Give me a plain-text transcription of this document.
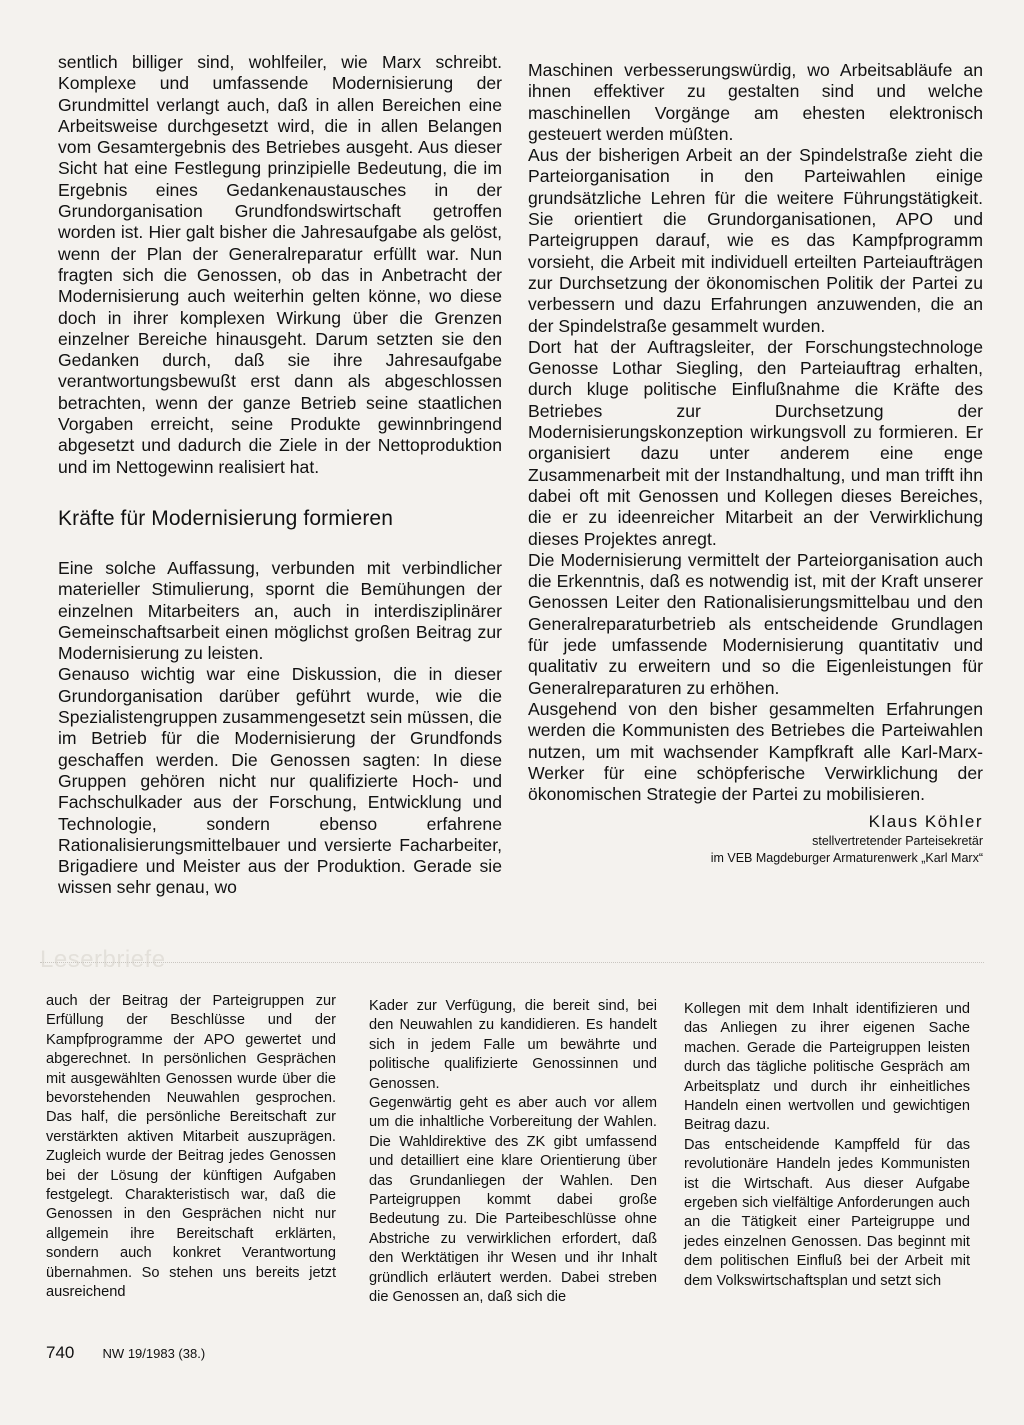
sentlich billiger sind, wohlfeiler, wie Marx schreibt. Komplexe und umfassende Modernisierung der Grundmittel verlangt auch, daß in allen Bereichen eine Arbeitsweise durchgesetzt wird, die in allen Belangen vom Gesamtergebnis des Betriebes ausgeht. Aus dieser Sicht hat eine Festlegung prinzipielle Bedeutung, die im Ergebnis eines Gedankenaustausches in der Grundorganisation Grundfondswirtschaft getroffen worden ist. Hier galt bisher die Jahresaufgabe als gelöst, wenn der Plan der Generalreparatur erfüllt war. Nun fragten sich die Genossen, ob das in Anbetracht der Modernisierung auch weiterhin gelten könne, wo diese doch in ihrer komplexen Wirkung über die Grenzen einzelner Bereiche hinausgeht. Darum setzten sie den Gedanken durch, daß sie ihre Jahresaufgabe verantwortungsbewußt erst dann als abgeschlossen betrachten, wenn der ganze Betrieb seine staatlichen Vorgaben erreicht, seine Produkte gewinnbringend abgesetzt und dadurch die Ziele in der Nettoproduktion und im Nettogewinn realisiert hat.

Kräfte für Modernisierung formieren

Eine solche Auffassung, verbunden mit verbindlicher materieller Stimulierung, spornt die Bemühungen der einzelnen Mitarbeiters an, auch in interdisziplinärer Gemeinschaftsarbeit einen möglichst großen Beitrag zur Modernisierung zu leisten.

Genauso wichtig war eine Diskussion, die in dieser Grundorganisation darüber geführt wurde, wie die Spezialistengruppen zusammengesetzt sein müssen, die im Betrieb für die Modernisierung der Grundfonds geschaffen werden. Die Genossen sagten: In diese Gruppen gehören nicht nur qualifizierte Hoch- und Fachschulkader aus der Forschung, Entwicklung und Technologie, sondern ebenso erfahrene Rationalisierungsmittelbauer und versierte Facharbeiter, Brigadiere und Meister aus der Produktion. Gerade sie wissen sehr genau, wo

Maschinen verbesserungswürdig, wo Arbeitsabläufe an ihnen effektiver zu gestalten sind und welche maschinellen Vorgänge am ehesten elektronisch gesteuert werden müßten.

Aus der bisherigen Arbeit an der Spindelstraße zieht die Parteiorganisation in den Parteiwahlen einige grundsätzliche Lehren für die weitere Führungstätigkeit. Sie orientiert die Grundorganisationen, APO und Parteigruppen darauf, wie es das Kampfprogramm vorsieht, die Arbeit mit individuell erteilten Parteiaufträgen zur Durchsetzung der ökonomischen Politik der Partei zu verbessern und dazu Erfahrungen anzuwenden, die an der Spindelstraße gesammelt wurden.

Dort hat der Auftragsleiter, der Forschungstechnologe Genosse Lothar Siegling, den Parteiauftrag erhalten, durch kluge politische Einflußnahme die Kräfte des Betriebes zur Durchsetzung der Modernisierungskonzeption wirkungsvoll zu formieren. Er organisiert dazu unter anderem eine enge Zusammenarbeit mit der Instandhaltung, und man trifft ihn dabei oft mit Genossen und Kollegen dieses Bereiches, die er zu ideenreicher Mitarbeit an der Verwirklichung dieses Projektes anregt.

Die Modernisierung vermittelt der Parteiorganisation auch die Erkenntnis, daß es notwendig ist, mit der Kraft unserer Genossen Leiter den Rationalisierungsmittelbau und den Generalreparaturbetrieb als entscheidende Grundlagen für jede umfassende Modernisierung quantitativ und qualitativ zu erweitern und so die Eigenleistungen für Generalreparaturen zu erhöhen.

Ausgehend von den bisher gesammelten Erfahrungen werden die Kommunisten des Betriebes die Parteiwahlen nutzen, um mit wachsender Kampfkraft alle Karl-Marx-Werker für eine schöpferische Verwirklichung der ökonomischen Strategie der Partei zu mobilisieren.

Klaus Köhler
stellvertretender Parteisekretär
im VEB Magdeburger Armaturenwerk „Karl Marx“
Leserbriefe

auch der Beitrag der Parteigruppen zur Erfüllung der Beschlüsse und der Kampfprogramme der APO gewertet und abgerechnet. In persönlichen Gesprächen mit ausgewählten Genossen wurde über die bevorstehenden Neuwahlen gesprochen. Das half, die persönliche Bereitschaft zur verstärkten aktiven Mitarbeit auszuprägen. Zugleich wurde der Beitrag jedes Genossen bei der Lösung der künftigen Aufgaben festgelegt. Charakteristisch war, daß die Genossen in den Gesprächen nicht nur allgemein ihre Bereitschaft erklärten, sondern auch konkret Verantwortung übernahmen. So stehen uns bereits jetzt ausreichend

Kader zur Verfügung, die bereit sind, bei den Neuwahlen zu kandidieren. Es handelt sich in jedem Falle um bewährte und politische qualifizierte Genossinnen und Genossen.

Gegenwärtig geht es aber auch vor allem um die inhaltliche Vorbereitung der Wahlen. Die Wahldirektive des ZK gibt umfassend und detailliert eine klare Orientierung über das Grundanliegen der Wahlen. Den Parteigruppen kommt dabei große Bedeutung zu. Die Parteibeschlüsse ohne Abstriche zu verwirklichen erfordert, daß den Werktätigen ihr Wesen und ihr Inhalt gründlich erläutert werden. Dabei streben die Genossen an, daß sich die

Kollegen mit dem Inhalt identifizieren und das Anliegen zu ihrer eigenen Sache machen. Gerade die Parteigruppen leisten durch das tägliche politische Gespräch am Arbeitsplatz und durch ihr einheitliches Handeln einen wertvollen und gewichtigen Beitrag dazu.

Das entscheidende Kampffeld für das revolutionäre Handeln jedes Kommunisten ist die Wirtschaft. Aus dieser Aufgabe ergeben sich vielfältige Anforderungen auch an die Tätigkeit einer Parteigruppe und jedes einzelnen Genossen. Das beginnt mit dem politischen Einfluß bei der Arbeit mit dem Volkswirtschaftsplan und setzt sich

740 NW 19/1983 (38.)
